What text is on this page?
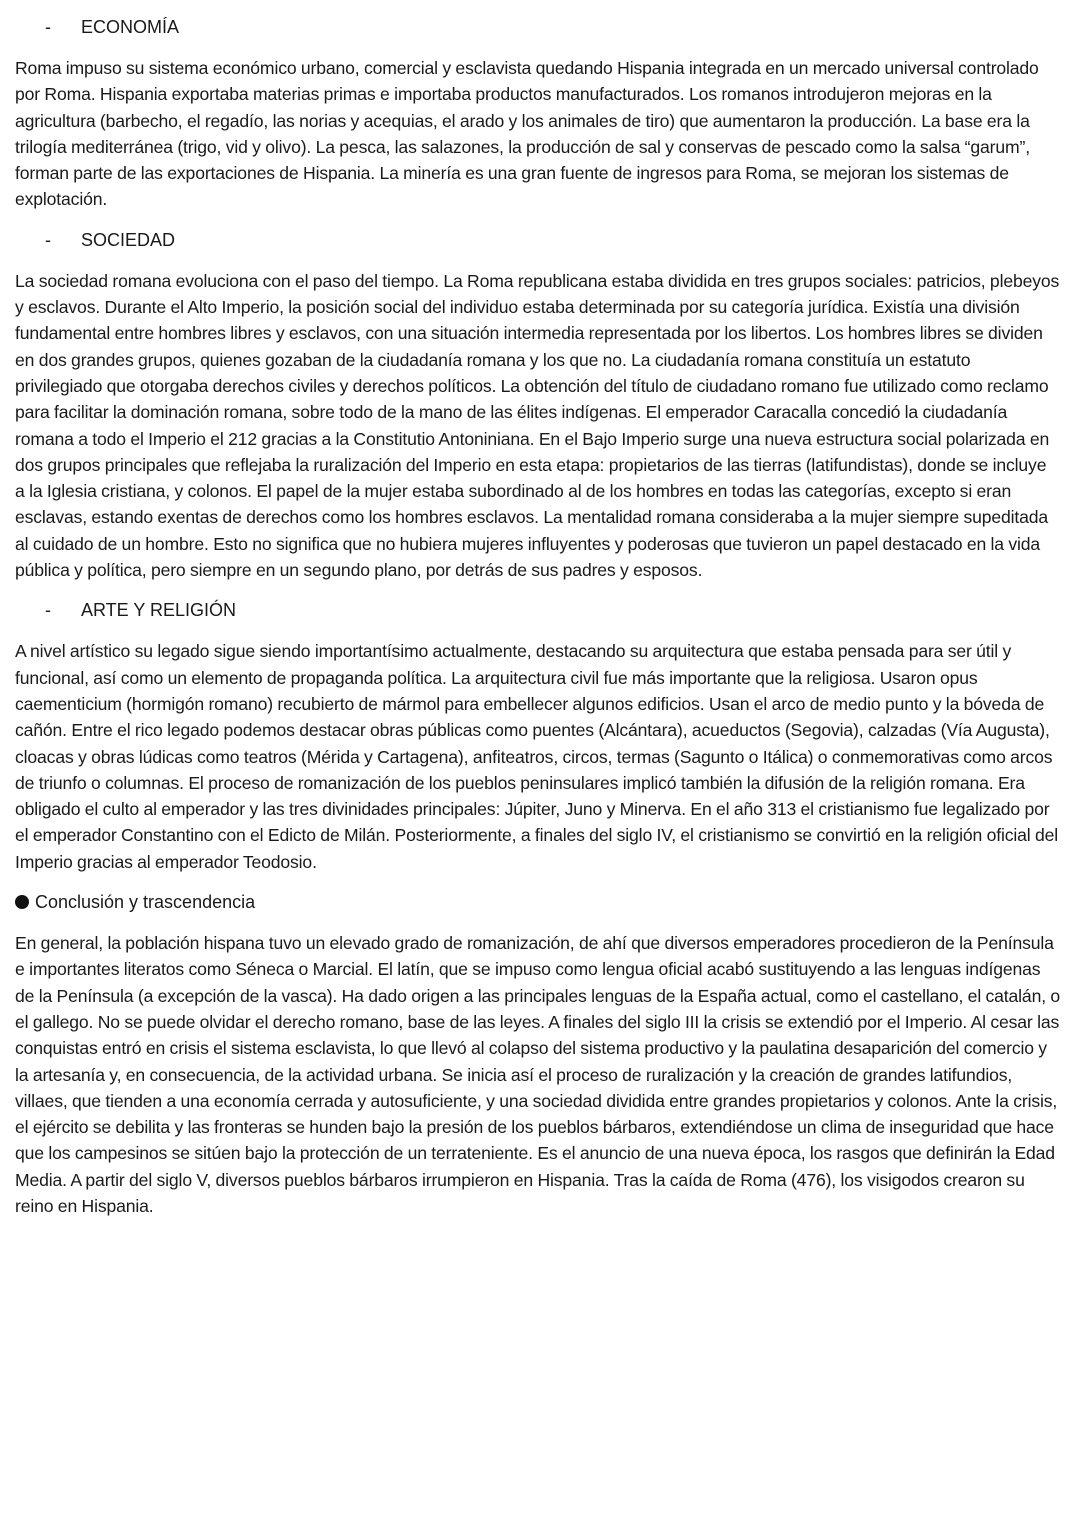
-	ECONOMÍA

Roma impuso su sistema económico urbano, comercial y esclavista quedando Hispania integrada en un mercado universal controlado por Roma. Hispania exportaba materias primas e importaba productos manufacturados. Los romanos introdujeron mejoras en la agricultura (barbecho, el regadío, las norias y acequias, el arado y los animales de tiro) que aumentaron la producción. La base era la trilogía mediterránea (trigo, vid y olivo). La pesca, las salazones, la producción de sal y conservas de pescado como la salsa “garum”, forman parte de las exportaciones de Hispania. La minería es una gran fuente de ingresos para Roma, se mejoran los sistemas de explotación.

-	SOCIEDAD

La sociedad romana evoluciona con el paso del tiempo. La Roma republicana estaba dividida en tres grupos sociales: patricios, plebeyos y esclavos. Durante el Alto Imperio, la posición social del individuo estaba determinada por su categoría jurídica. Existía una división fundamental entre hombres libres y esclavos, con una situación intermedia representada por los libertos. Los hombres libres se dividen en dos grandes grupos, quienes gozaban de la ciudadanía romana y los que no. La ciudadanía romana constituía un estatuto privilegiado que otorgaba derechos civiles y derechos políticos. La obtención del título de ciudadano romano fue utilizado como reclamo para facilitar la dominación romana, sobre todo de la mano de las élites indígenas. El emperador Caracalla concedió la ciudadanía romana a todo el Imperio el 212 gracias a la Constitutio Antoniniana. En el Bajo Imperio surge una nueva estructura social polarizada en dos grupos principales que reflejaba la ruralización del Imperio en esta etapa: propietarios de las tierras (latifundistas), donde se incluye a la Iglesia cristiana, y colonos. El papel de la mujer estaba subordinado al de los hombres en todas las categorías, excepto si eran esclavas, estando exentas de derechos como los hombres esclavos. La mentalidad romana consideraba a la mujer siempre supeditada al cuidado de un hombre. Esto no significa que no hubiera mujeres influyentes y poderosas que tuvieron un papel destacado en la vida pública y política, pero siempre en un segundo plano, por detrás de sus padres y esposos.

-	ARTE Y RELIGIÓN

A nivel artístico su legado sigue siendo importantísimo actualmente, destacando su arquitectura que estaba pensada para ser útil y funcional, así como un elemento de propaganda política. La arquitectura civil fue más importante que la religiosa. Usaron opus caementicium (hormigón romano) recubierto de mármol para embellecer algunos edificios. Usan el arco de medio punto y la bóveda de cañón. Entre el rico legado podemos destacar obras públicas como puentes (Alcántara), acueductos (Segovia), calzadas (Vía Augusta), cloacas y obras lúdicas como teatros (Mérida y Cartagena), anfiteatros, circos, termas (Sagunto o Itálica) o conmemorativas como arcos de triunfo o columnas. El proceso de romanización de los pueblos peninsulares implicó también la difusión de la religión romana. Era obligado el culto al emperador y las tres divinidades principales: Júpiter, Juno y Minerva. En el año 313 el cristianismo fue legalizado por el emperador Constantino con el Edicto de Milán. Posteriormente, a finales del siglo IV, el cristianismo se convirtió en la religión oficial del Imperio gracias al emperador Teodosio.

Conclusión y trascendencia

En general, la población hispana tuvo un elevado grado de romanización, de ahí que diversos emperadores procedieron de la Península e importantes literatos como Séneca o Marcial. El latín, que se impuso como lengua oficial acabó sustituyendo a las lenguas indígenas de la Península (a excepción de la vasca). Ha dado origen a las principales lenguas de la España actual, como el castellano, el catalán, o el gallego. No se puede olvidar el derecho romano, base de las leyes. A finales del siglo III la crisis se extendió por el Imperio. Al cesar las conquistas entró en crisis el sistema esclavista, lo que llevó al colapso del sistema productivo y la paulatina desaparición del comercio y la artesanía y, en consecuencia, de la actividad urbana. Se inicia así el proceso de ruralización y la creación de grandes latifundios, villaes, que tienden a una economía cerrada y autosuficiente, y una sociedad dividida entre grandes propietarios y colonos. Ante la crisis, el ejército se debilita y las fronteras se hunden bajo la presión de los pueblos bárbaros, extendiéndose un clima de inseguridad que hace que los campesinos se sitúen bajo la protección de un terrateniente. Es el anuncio de una nueva época, los rasgos que definirán la Edad Media. A partir del siglo V, diversos pueblos bárbaros irrumpieron en Hispania. Tras la caída de Roma (476), los visigodos crearon su reino en Hispania.
